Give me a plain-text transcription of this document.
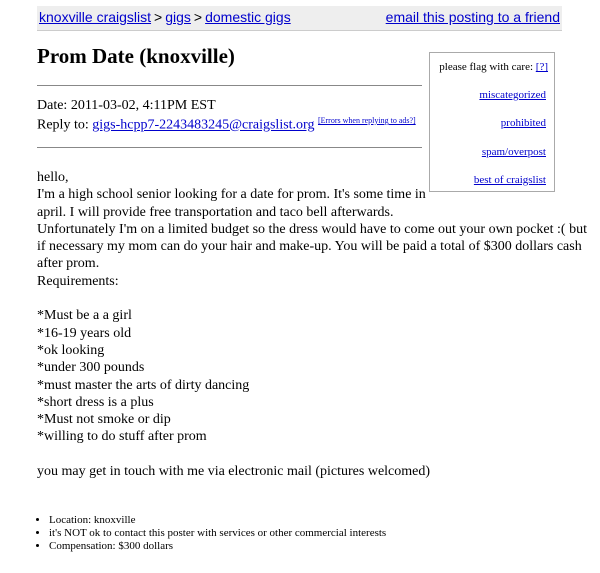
knoxville craigslist > gigs > domestic gigs	email this posting to a friend
Prom Date (knoxville)
Date: 2011-03-02, 4:11PM EST
Reply to: gigs-hcpp7-2243483245@craigslist.org [Errors when replying to ads?]
please flag with care: [?]
miscategorized
prohibited
spam/overpost
best of craigslist
hello,
I'm a high school senior looking for a date for prom. It's some time in
april. I will provide free transportation and taco bell afterwards.
Unfortunately I'm on a limited budget so the dress would have to come out your own pocket :( but
if necessary my mom can do your hair and make-up. You will be paid a total of $300 dollars cash
after prom.
Requirements:
*Must be a a girl
*16-19 years old
*ok looking
*under 300 pounds
*must master the arts of dirty dancing
*short dress is a plus
*Must not smoke or dip
*willing to do stuff after prom
you may get in touch with me via electronic mail (pictures welcomed)
• Location: knoxville
• it's NOT ok to contact this poster with services or other commercial interests
• Compensation: $300 dollars
